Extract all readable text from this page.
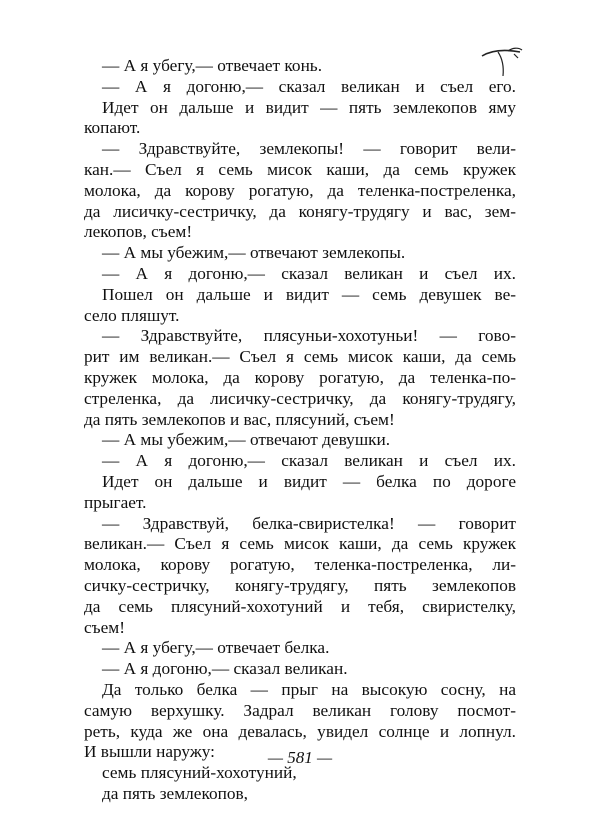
— А я убегу,— отвечает конь.
— А я догоню,— сказал великан и съел его.
Идет он дальше и видит — пять землекопов яму
копают.
— Здравствуйте, землекопы! — говорит вели-
кан.— Съел я семь мисок каши, да семь кружек
молока, да корову рогатую, да теленка-постреленка,
да лисичку-сестричку, да конягу-трудягу и вас, зем-
лекопов, съем!
— А мы убежим,— отвечают землекопы.
— А я догоню,— сказал великан и съел их.
Пошел он дальше и видит — семь девушек ве-
село пляшут.
— Здравствуйте, плясуньи-хохотуньи! — гово-
рит им великан.— Съел я семь мисок каши, да семь
кружек молока, да корову рогатую, да теленка-по-
стреленка, да лисичку-сестричку, да конягу-трудягу,
да пять землекопов и вас, плясуний, съем!
— А мы убежим,— отвечают девушки.
— А я догоню,— сказал великан и съел их.
Идет он дальше и видит — белка по дороге
прыгает.
— Здравствуй, белка-свиристелка! — говорит
великан.— Съел я семь мисок каши, да семь кружек
молока, корову рогатую, теленка-постреленка, ли-
сичку-сестричку, конягу-трудягу, пять землекопов
да семь плясуний-хохотуний и тебя, свиристелку,
съем!
— А я убегу,— отвечает белка.
— А я догоню,— сказал великан.
Да только белка — прыг на высокую сосну, на
самую верхушку. Задрал великан голову посмот-
реть, куда же она девалась, увидел солнце и лопнул.
И вышли наружу:
семь плясуний-хохотуний,
да пять землекопов,
— 581 —
